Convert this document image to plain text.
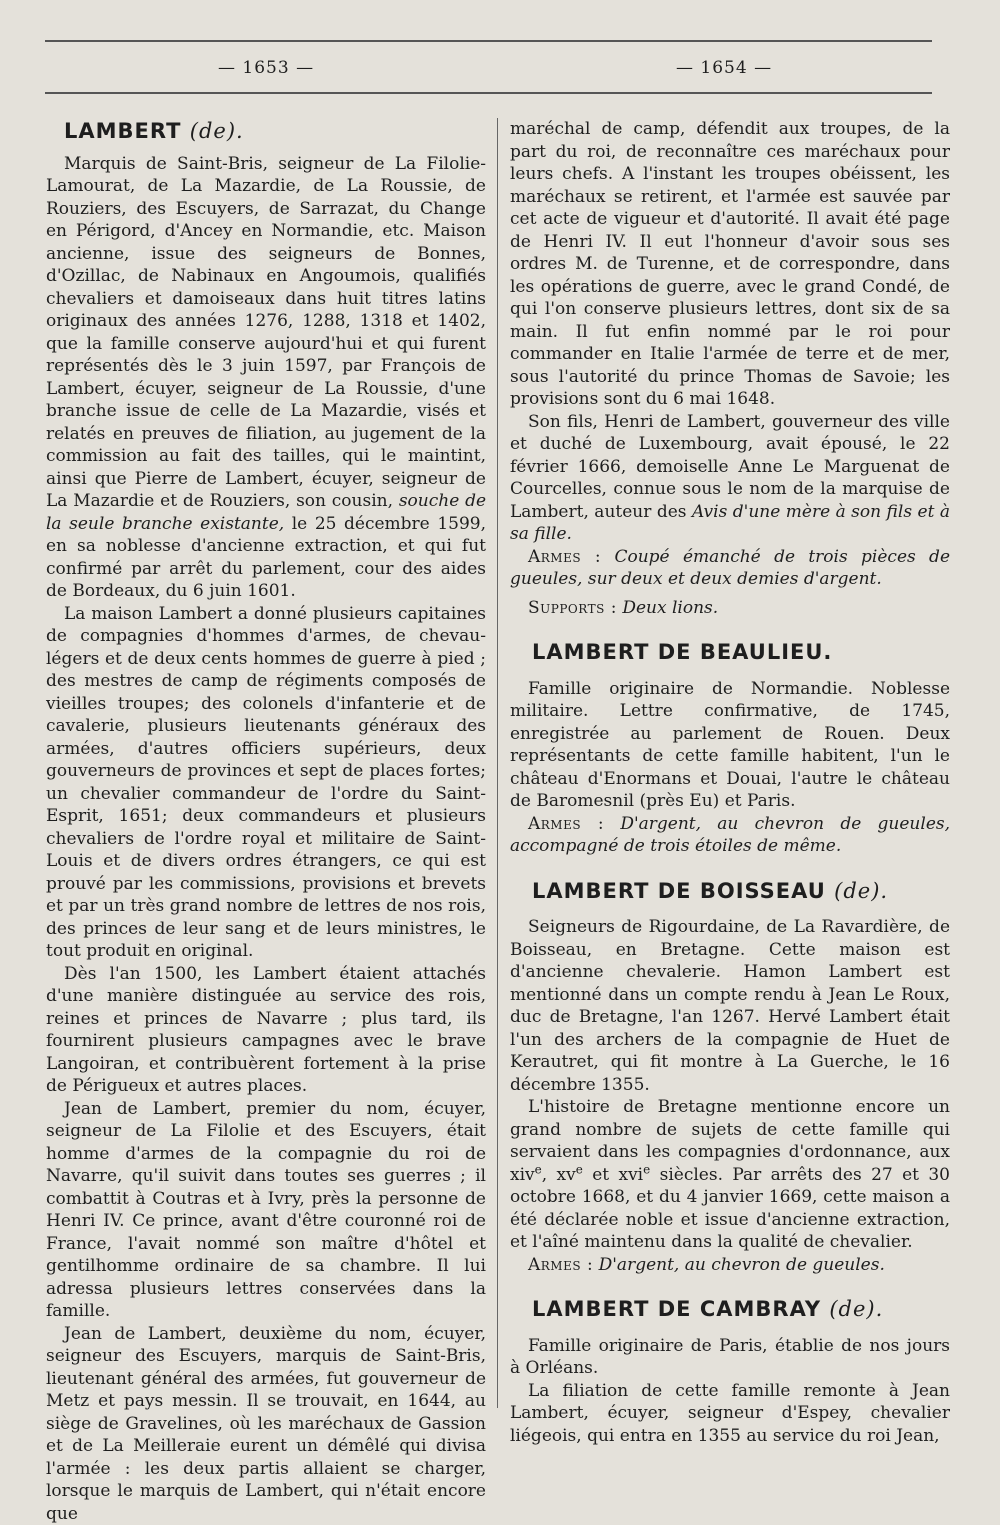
— 1653 —	— 1654 —
LAMBERT (de).

Marquis de Saint-Bris, seigneur de La Filolie-Lamourat, de La Mazardie, de La Roussie, de Rouziers, des Escuyers, de Sarrazat, du Change en Périgord, d'Ancey en Normandie, etc. Maison ancienne, issue des seigneurs de Bonnes, d'Ozillac, de Nabinaux en Angoumois, qualifiés chevaliers et damoiseaux dans huit titres latins originaux des années 1276, 1288, 1318 et 1402, que la famille conserve aujourd'hui et qui furent représentés dès le 3 juin 1597, par François de Lambert, écuyer, seigneur de La Roussie, d'une branche issue de celle de La Mazardie, visés et relatés en preuves de filiation, au jugement de la commission au fait des tailles, qui le maintint, ainsi que Pierre de Lambert, écuyer, seigneur de La Mazardie et de Rouziers, son cousin, souche de la seule branche existante, le 25 décembre 1599, en sa noblesse d'ancienne extraction, et qui fut confirmé par arrêt du parlement, cour des aides de Bordeaux, du 6 juin 1601.

La maison Lambert a donné plusieurs capitaines de compagnies d'hommes d'armes, de chevau-légers et de deux cents hommes de guerre à pied ; des mestres de camp de régiments composés de vieilles troupes; des colonels d'infanterie et de cavalerie, plusieurs lieutenants généraux des armées, d'autres officiers supérieurs, deux gouverneurs de provinces et sept de places fortes; un chevalier commandeur de l'ordre du Saint-Esprit, 1651; deux commandeurs et plusieurs chevaliers de l'ordre royal et militaire de Saint-Louis et de divers ordres étrangers, ce qui est prouvé par les commissions, provisions et brevets et par un très grand nombre de lettres de nos rois, des princes de leur sang et de leurs ministres, le tout produit en original.

Dès l'an 1500, les Lambert étaient attachés d'une manière distinguée au service des rois, reines et princes de Navarre ; plus tard, ils fournirent plusieurs campagnes avec le brave Langoiran, et contribuèrent fortement à la prise de Périgueux et autres places.

Jean de Lambert, premier du nom, écuyer, seigneur de La Filolie et des Escuyers, était homme d'armes de la compagnie du roi de Navarre, qu'il suivit dans toutes ses guerres ; il combattit à Coutras et à Ivry, près la personne de Henri IV. Ce prince, avant d'être couronné roi de France, l'avait nommé son maître d'hôtel et gentilhomme ordinaire de sa chambre. Il lui adressa plusieurs lettres conservées dans la famille.

Jean de Lambert, deuxième du nom, écuyer, seigneur des Escuyers, marquis de Saint-Bris, lieutenant général des armées, fut gouverneur de Metz et pays messin. Il se trouvait, en 1644, au siège de Gravelines, où les maréchaux de Gassion et de La Meilleraie eurent un démêlé qui divisa l'armée : les deux partis allaient se charger, lorsque le marquis de Lambert, qui n'était encore que

maréchal de camp, défendit aux troupes, de la part du roi, de reconnaître ces maréchaux pour leurs chefs. A l'instant les troupes obéissent, les maréchaux se retirent, et l'armée est sauvée par cet acte de vigueur et d'autorité. Il avait été page de Henri IV. Il eut l'honneur d'avoir sous ses ordres M. de Turenne, et de correspondre, dans les opérations de guerre, avec le grand Condé, de qui l'on conserve plusieurs lettres, dont six de sa main. Il fut enfin nommé par le roi pour commander en Italie l'armée de terre et de mer, sous l'autorité du prince Thomas de Savoie; les provisions sont du 6 mai 1648.

Son fils, Henri de Lambert, gouverneur des ville et duché de Luxembourg, avait épousé, le 22 février 1666, demoiselle Anne Le Marguenat de Courcelles, connue sous le nom de la marquise de Lambert, auteur des Avis d'une mère à son fils et à sa fille.

Armes : Coupé émanché de trois pièces de gueules, sur deux et deux demies d'argent.

Supports : Deux lions.

LAMBERT DE BEAULIEU.

Famille originaire de Normandie. Noblesse militaire. Lettre confirmative, de 1745, enregistrée au parlement de Rouen. Deux représentants de cette famille habitent, l'un le château d'Enormans et Douai, l'autre le château de Baromesnil (près Eu) et Paris.

Armes : D'argent, au chevron de gueules, accompagné de trois étoiles de même.

LAMBERT DE BOISSEAU (de).

Seigneurs de Rigourdaine, de La Ravardière, de Boisseau, en Bretagne. Cette maison est d'ancienne chevalerie. Hamon Lambert est mentionné dans un compte rendu à Jean Le Roux, duc de Bretagne, l'an 1267. Hervé Lambert était l'un des archers de la compagnie de Huet de Kerautret, qui fit montre à La Guerche, le 16 décembre 1355.

L'histoire de Bretagne mentionne encore un grand nombre de sujets de cette famille qui servaient dans les compagnies d'ordonnance, aux xiv$^e$, $xv^e$ et xvi$^e$ siècles. Par arrêts des 27 et 30 octobre 1668, et du 4 janvier 1669, cette maison a été déclarée noble et issue d'ancienne extraction, et l'aîné maintenu dans la qualité de chevalier.

Armes : D'argent, au chevron de gueules.

LAMBERT DE CAMBRAY (de).

Famille originaire de Paris, établie de nos jours à Orléans.

La filiation de cette famille remonte à Jean Lambert, écuyer, seigneur d'Espey, chevalier liégeois, qui entra en 1355 au service du roi Jean,
